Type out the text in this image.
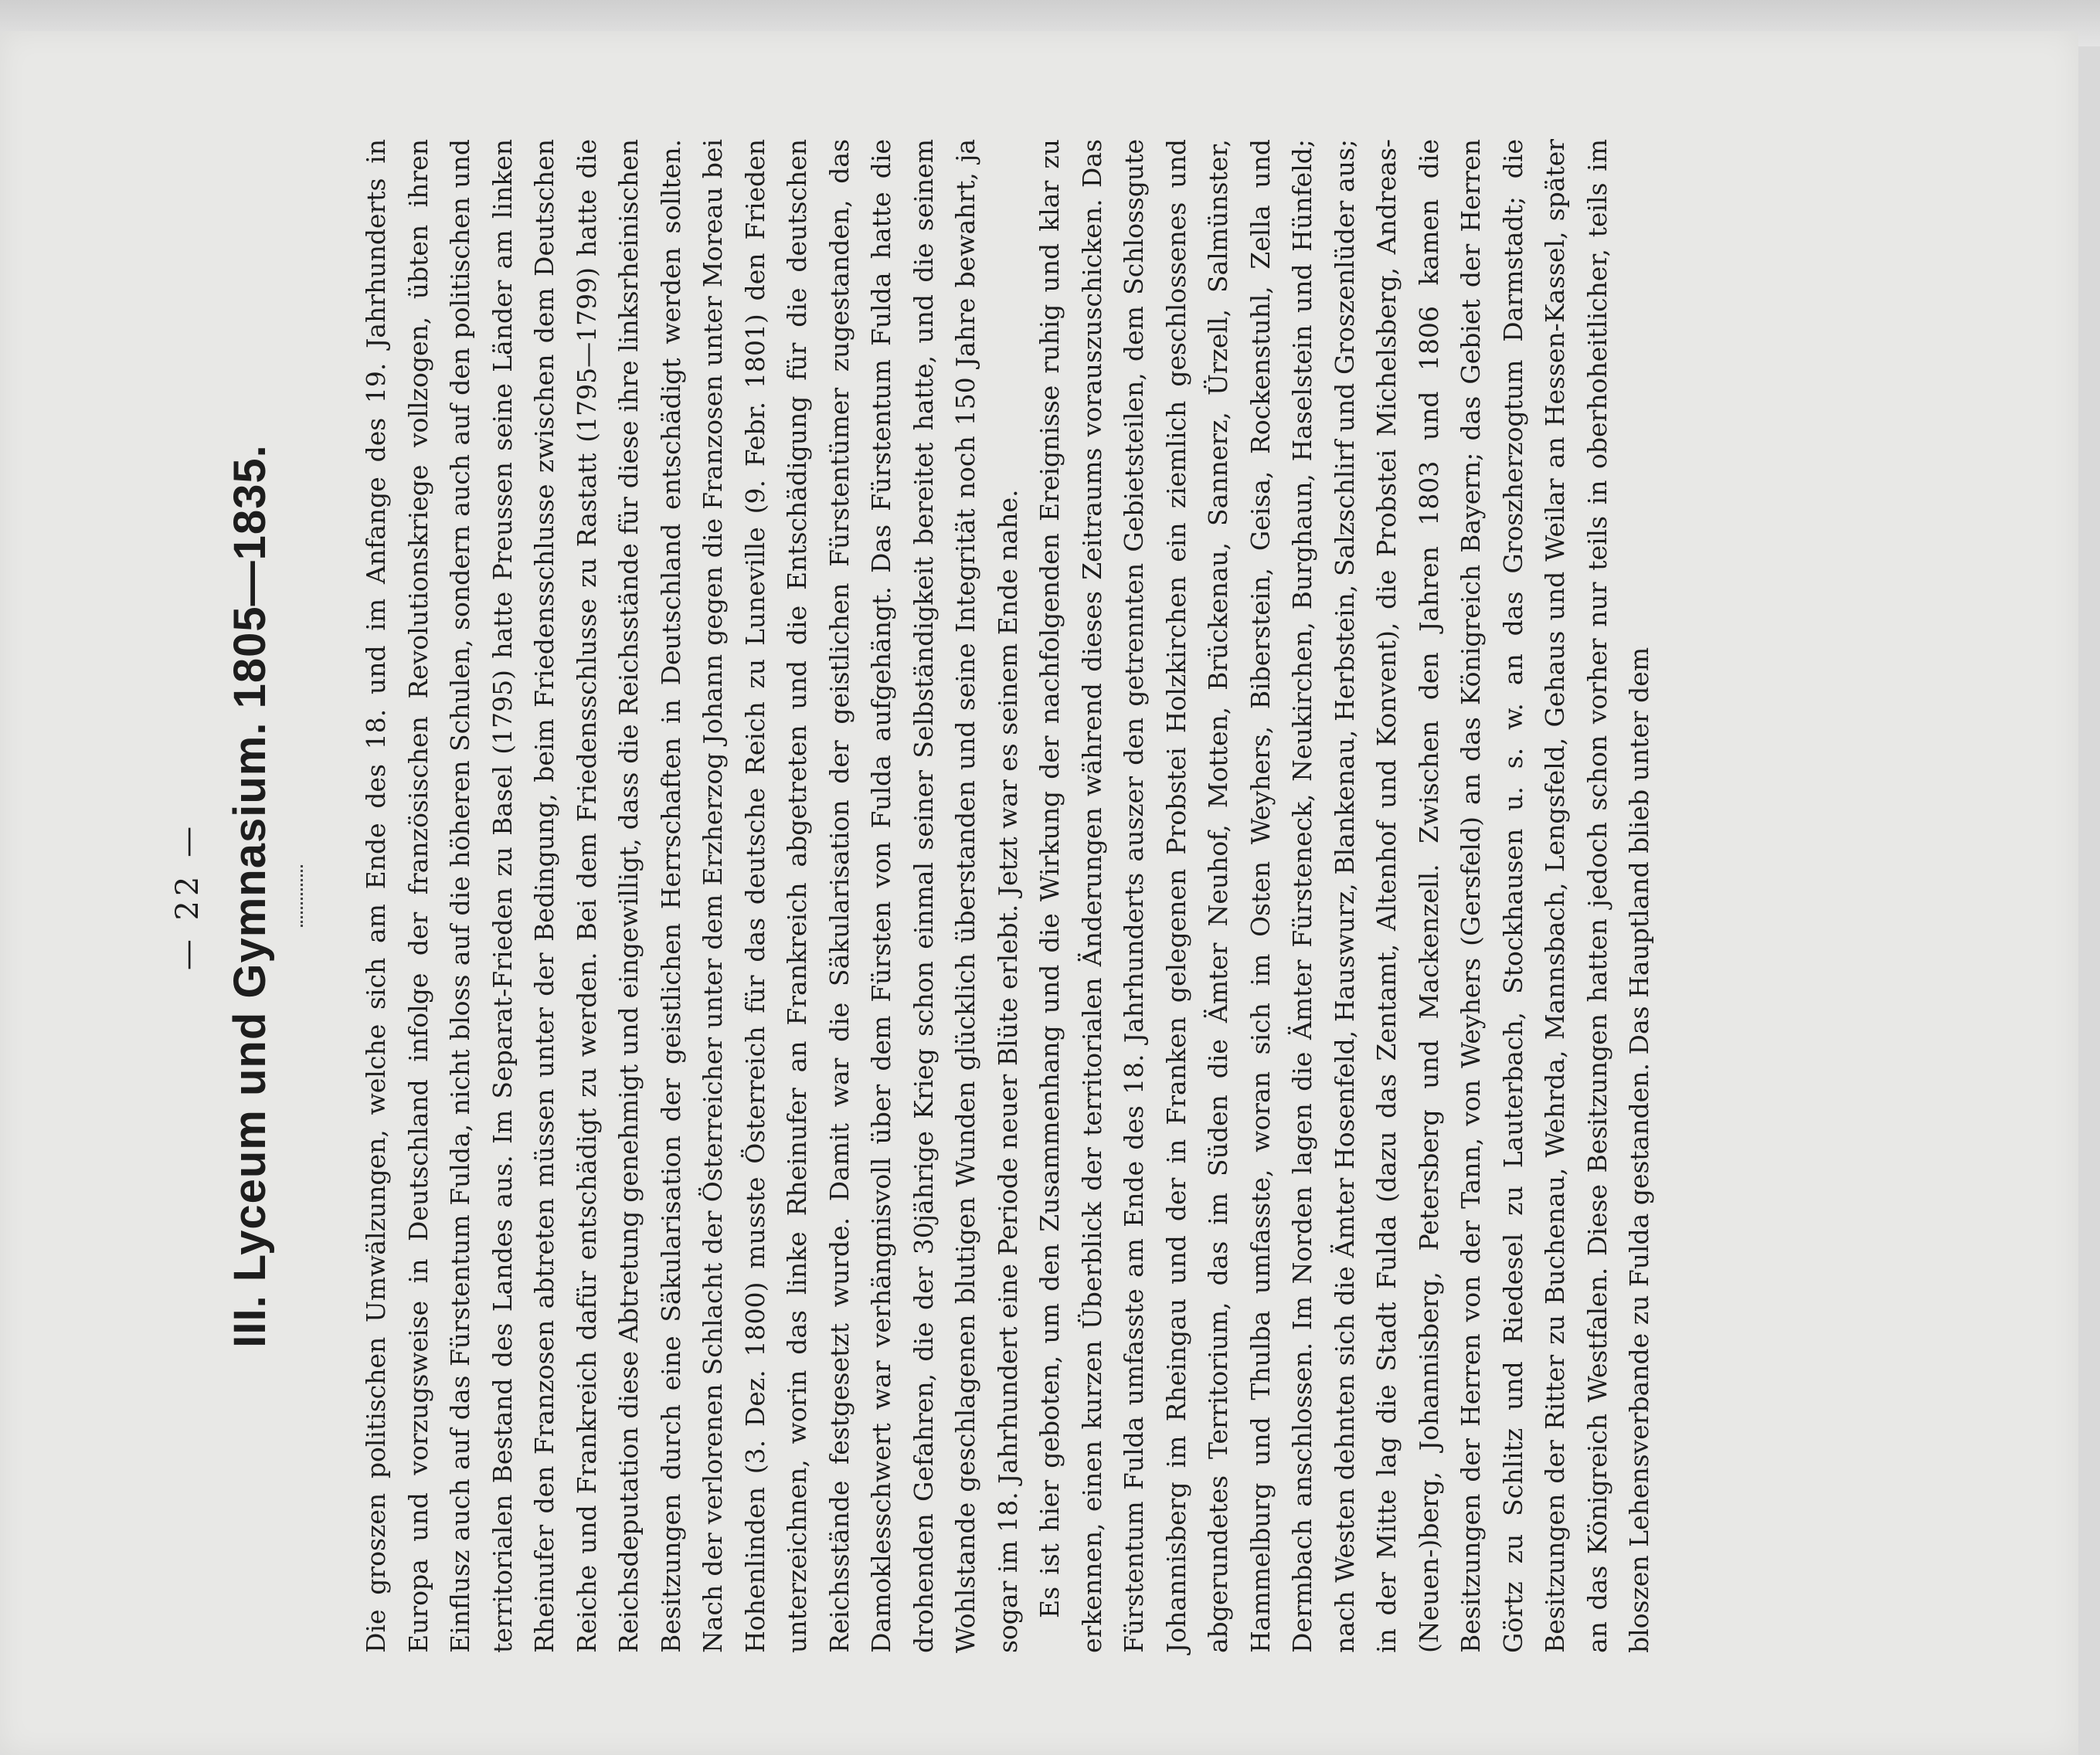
— 22 — III. Lyceum und Gymnasium. 1805—1835.	Die groszen politischen Umwälzungen, welche sich am Ende des 18. und im Anfange des 19. Jahrhunderts in Europa und vorzugsweise in Deutschland infolge der französischen Revolutionskriege vollzogen, übten ihren Einflusz auch auf das Fürstentum Fulda, nicht bloss auf die höheren Schulen, sondern auch auf den politischen und territorialen Bestand des Landes aus. Im Separat-Frieden zu Basel (1795) hatte Preussen seine Länder am linken Rheinufer den Franzosen abtreten müssen unter der Bedingung, beim Friedensschlusse zwischen dem Deutschen Reiche und Frankreich dafür entschädigt zu werden. Bei dem Friedensschlusse zu Rastatt (1795—1799) hatte die Reichsdeputation diese Abtretung genehmigt und eingewilligt, dass die Reichsstände für diese ihre linksrheinischen Besitzungen durch eine Säkularisation der geistlichen Herrschaften in Deutschland entschädigt werden sollten. Nach der verlorenen Schlacht der Österreicher unter dem Erzherzog Johann gegen die Franzosen unter Moreau bei Hohenlinden (3. Dez. 1800) musste Österreich für das deutsche Reich zu Luneville (9. Febr. 1801) den Frieden unterzeichnen, worin das linke Rheinufer an Frankreich abgetreten und die Entschädigung für die deutschen Reichsstände festgesetzt wurde. Damit war die Säkularisation der geistlichen Fürstentümer zugestanden, das Damoklesschwert war verhängnisvoll über dem Fürsten von Fulda aufgehängt. Das Fürstentum Fulda hatte die drohenden Gefahren, die der 30jährige Krieg schon einmal seiner Selbständigkeit bereitet hatte, und die seinem Wohlstande geschlagenen blutigen Wunden glücklich überstanden und seine Integrität noch 150 Jahre bewahrt, ja sogar im 18. Jahrhundert eine Periode neuer Blüte erlebt. Jetzt war es seinem Ende nahe. Es ist hier geboten, um den Zusammenhang und die Wirkung der nachfolgenden Ereignisse ruhig und klar zu erkennen, einen kurzen Überblick der territorialen Änderungen während dieses Zeitraums vorauszuschicken. Das Fürstentum Fulda umfasste am Ende des 18. Jahrhunderts auszer den getrennten Gebietsteilen, dem Schlossgute Johannisberg im Rheingau und der in Franken gelegenen Probstei Holzkirchen ein ziemlich geschlossenes und abgerundetes Territorium, das im Süden die Ämter Neuhof, Motten, Brückenau, Sannerz, Ürzell, Salmünster, Hammelburg und Thulba umfasste, woran sich im Osten Weyhers, Biberstein, Geisa, Rockenstuhl, Zella und Dermbach anschlossen. Im Norden lagen die Ämter Fürsteneck, Neukirchen, Burghaun, Haselstein und Hünfeld; nach Westen dehnten sich die Ämter Hosenfeld, Hauswurz, Blankenau, Herbstein, Salzschlirf und Groszenlüder aus; in der Mitte lag die Stadt Fulda (dazu das Zentamt, Altenhof und Konvent), die Probstei Michelsberg, Andreas-(Neuen-)berg, Johannisberg, Petersberg und Mackenzell. Zwischen den Jahren 1803 und 1806 kamen die Besitzungen der Herren von der Tann, von Weyhers (Gersfeld) an das Königreich Bayern; das Gebiet der Herren Görtz zu Schlitz und Riedesel zu Lauterbach, Stockhausen u. s. w. an das Groszherzogtum Darmstadt; die Besitzungen der Ritter zu Buchenau, Wehrda, Mannsbach, Lengsfeld, Gehaus und Weilar an Hessen-Kassel, später an das Königreich Westfalen. Diese Besitzungen hatten jedoch schon vorher nur teils in oberhoheitlicher, teils im bloszen Lehensverbande zu Fulda gestanden. Das Hauptland blieb unter dem
